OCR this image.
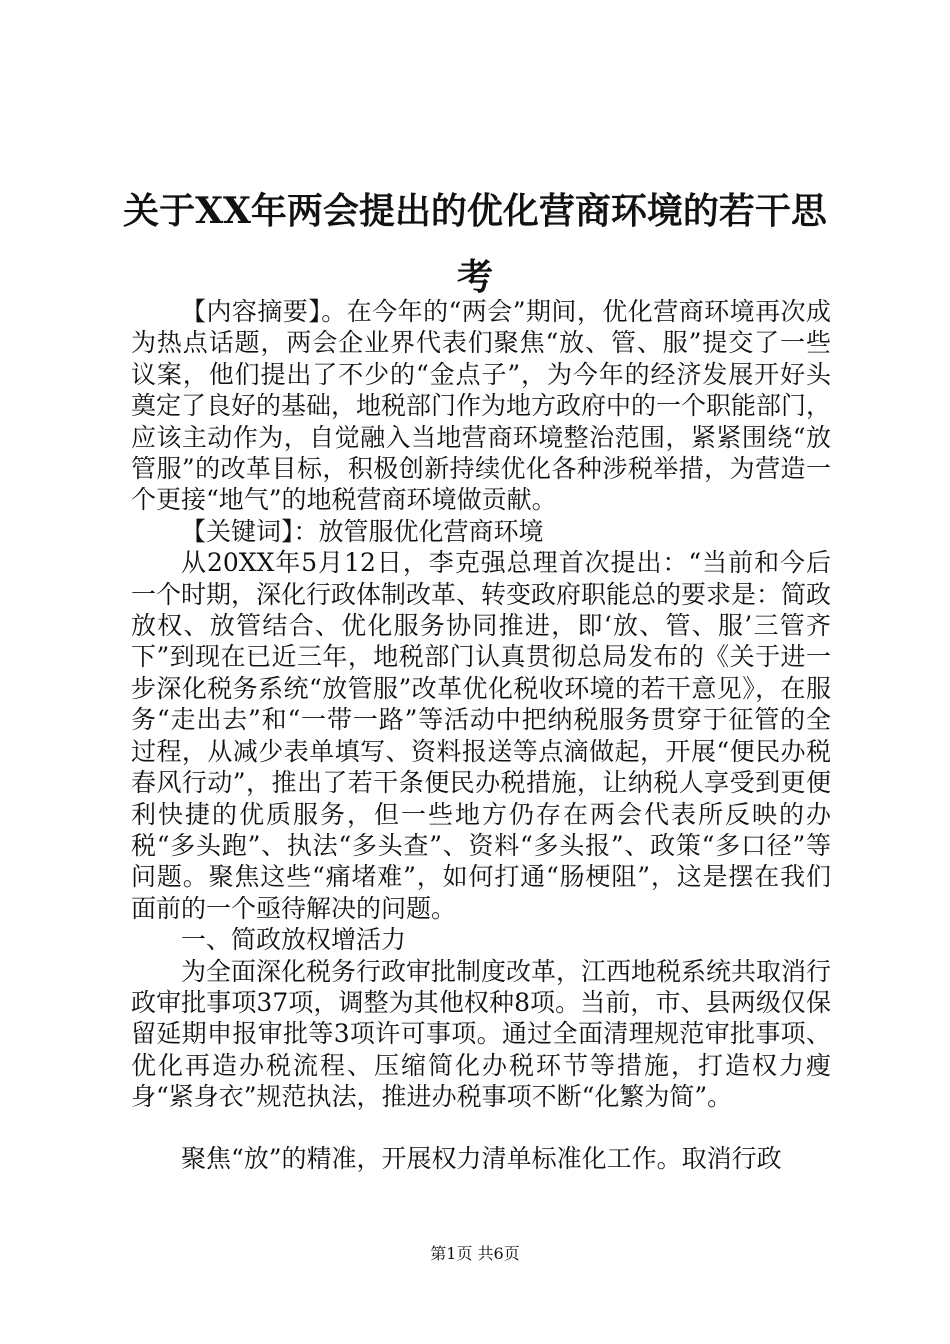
关于XX年两会提出的优化营商环境的若干思考

【内容摘要】。在今年的“两会”期间，优化营商环境再次成为热点话题，两会企业界代表们聚焦“放、管、服”提交了一些议案，他们提出了不少的“金点子”，为今年的经济发展开好头奠定了良好的基础，地税部门作为地方政府中的一个职能部门，应该主动作为，自觉融入当地营商环境整治范围，紧紧围绕“放管服”的改革目标，积极创新持续优化各种涉税举措，为营造一个更接“地气”的地税营商环境做贡献。

【关键词】：放管服优化营商环境

从20XX年5月12日，李克强总理首次提出：“当前和今后一个时期，深化行政体制改革、转变政府职能总的要求是：简政放权、放管结合、优化服务协同推进，即‘放、管、服’三管齐下”到现在已近三年，地税部门认真贯彻总局发布的《关于进一步深化税务系统“放管服”改革优化税收环境的若干意见》，在服务“走出去”和“一带一路”等活动中把纳税服务贯穿于征管的全过程，从减少表单填写、资料报送等点滴做起，开展“便民办税春风行动”，推出了若干条便民办税措施，让纳税人享受到更便利快捷的优质服务，但一些地方仍存在两会代表所反映的办税“多头跑”、执法“多头查”、资料“多头报”、政策“多口径”等问题。聚焦这些“痛堵难”，如何打通“肠梗阻”，这是摆在我们面前的一个亟待解决的问题。

一、简政放权增活力

为全面深化税务行政审批制度改革，江西地税系统共取消行政审批事项37项，调整为其他权种8项。当前，市、县两级仅保留延期申报审批等3项许可事项。通过全面清理规范审批事项、优化再造办税流程、压缩简化办税环节等措施，打造权力瘦身“紧身衣”规范执法，推进办税事项不断“化繁为简”。

聚焦“放”的精准，开展权力清单标准化工作。取消行政

第1页 共6页
